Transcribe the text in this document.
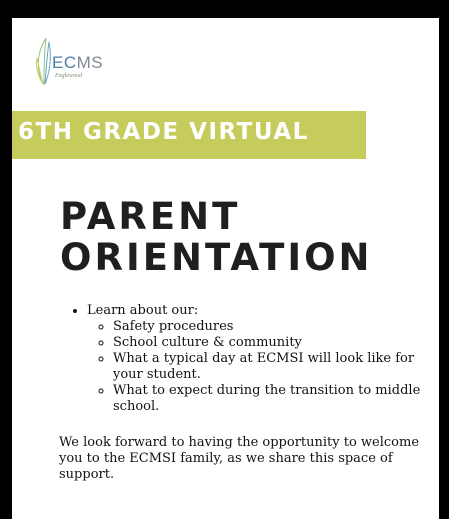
ECMS
Englewood
6TH GRADE VIRTUAL
PARENT
ORIENTATION
• Learn about our:
◦ Safety procedures
◦ School culture & community
◦ What a typical day at ECMSI will look like for your student.
◦ What to expect during the transition to middle school.

We look forward to having the opportunity to welcome you to the ECMSI family, as we share this space of support.
